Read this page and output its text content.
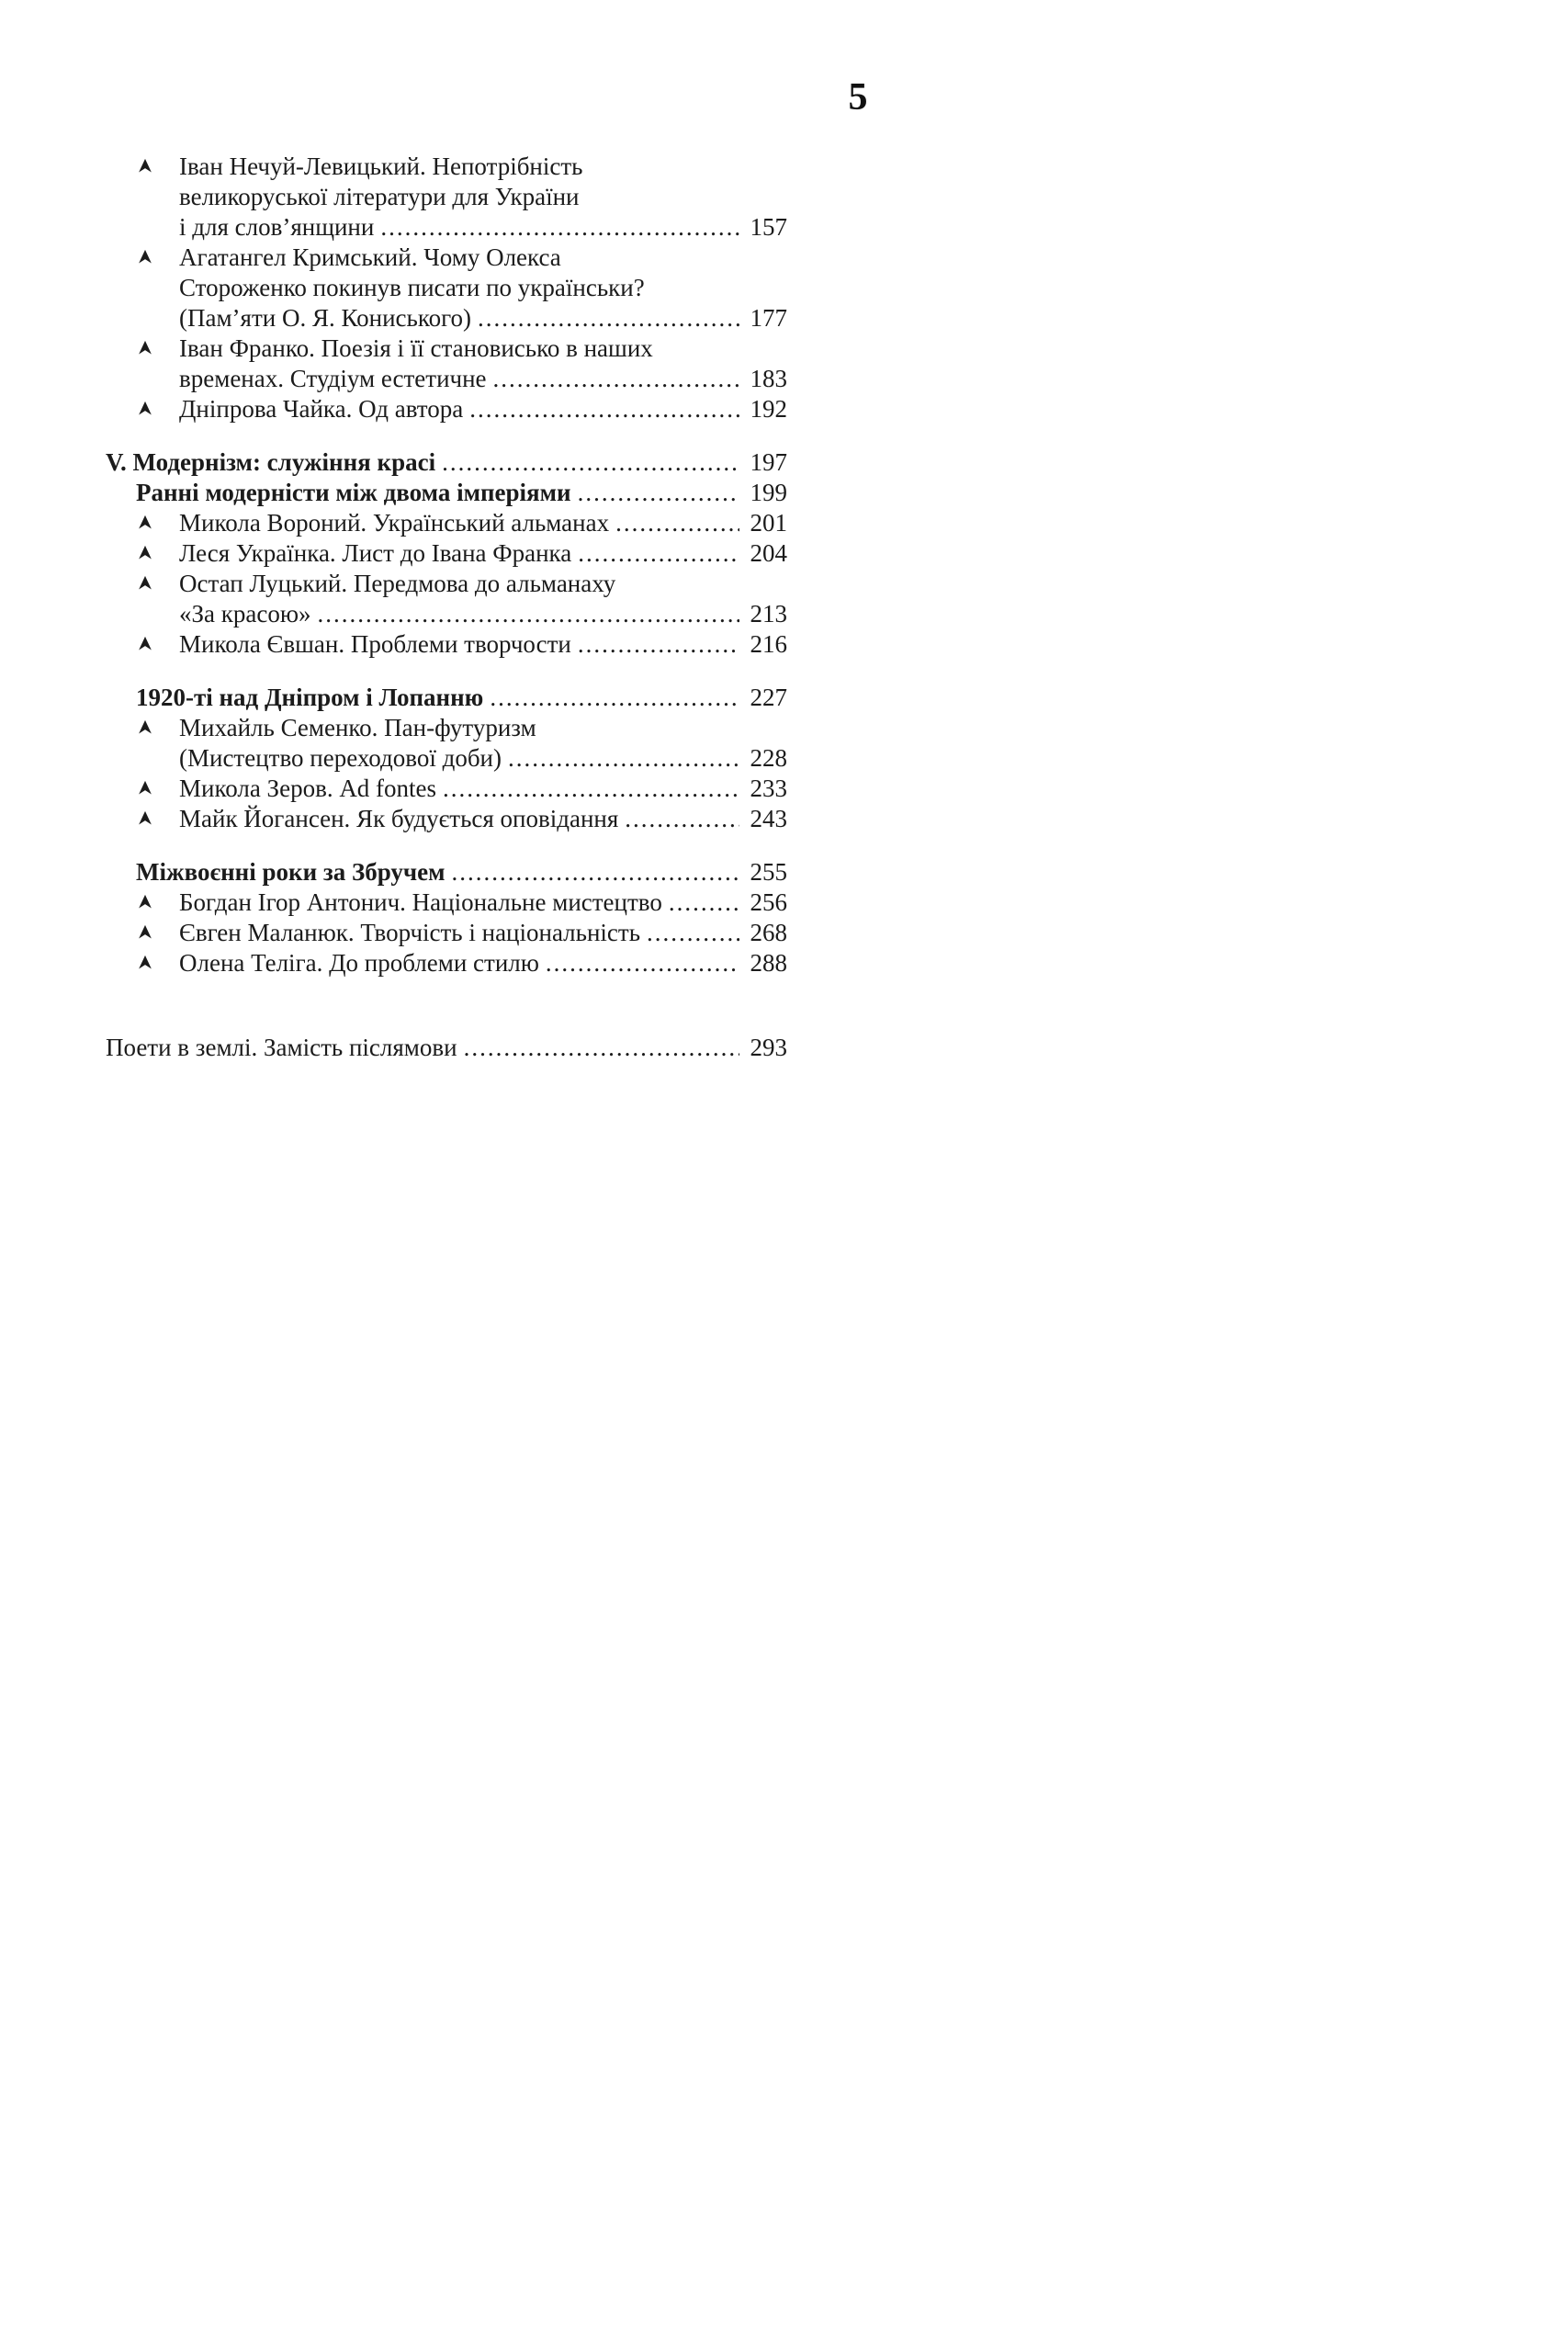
5
Іван Нечуй-Левицький. Непотрібність
великоруської літератури для України
і для слов’янщини .....	157
Агатангел Кримський. Чому Олекса
Стороженко покинув писати по українськи?
(Пам’яти О. Я. Кониського) .....	177
Іван Франко. Поезія і її становисько в наших
временах. Студіум естетичне .....	183
Дніпрова Чайка. Од автора .....	192
V. Модернізм: служіння красі .....	197
Ранні модерністи між двома імперіями .....	199
Микола Вороний. Український альманах .....	201
Леся Українка. Лист до Івана Франка .....	204
Остап Луцький. Передмова до альманаху
«За красою» .....	213
Микола Євшан. Проблеми творчости .....	216
1920-ті над Дніпром і Лопанню .....	227
Михайль Семенко. Пан-футуризм
(Мистецтво переходової доби) .....	228
Микола Зеров. Ad fontes .....	233
Майк Йогансен. Як будується оповідання .....	243
Міжвоєнні роки за Збручем .....	255
Богдан Ігор Антонич. Національне мистецтво .....	256
Євген Маланюк. Творчість і національність .....	268
Олена Теліга. До проблеми стилю .....	288
Поети в землі. Замість післямови .....	293
